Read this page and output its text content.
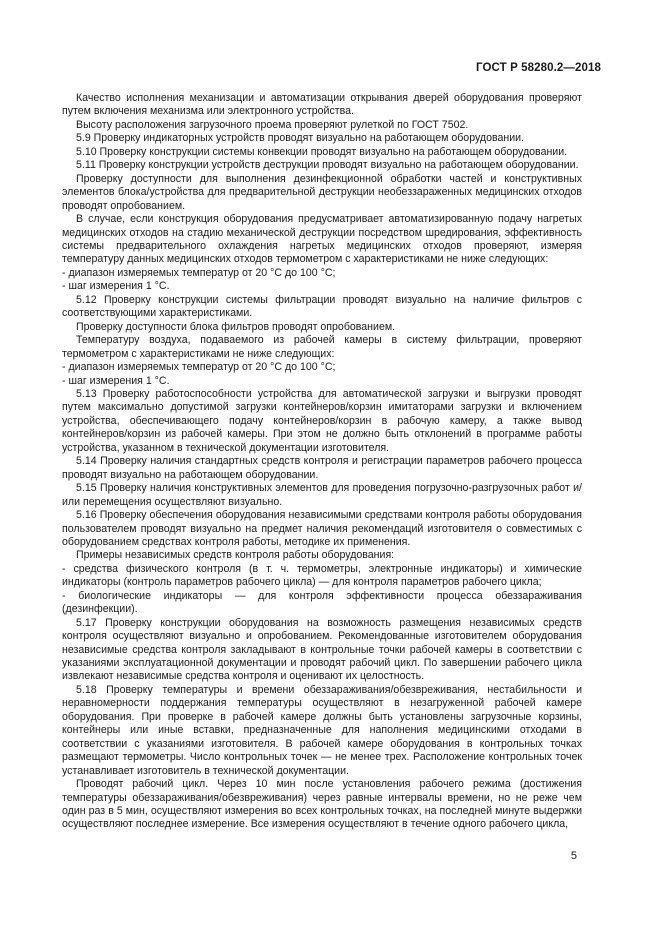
ГОСТ Р 58280.2—2018

Качество исполнения механизации и автоматизации открывания дверей оборудования проверяют путем включения механизма или электронного устройства.

Высоту расположения загрузочного проема проверяют рулеткой по ГОСТ 7502.

5.9 Проверку индикаторных устройств проводят визуально на работающем оборудовании.

5.10 Проверку конструкции системы конвекции проводят визуально на работающем оборудовании.

5.11 Проверку конструкции устройств деструкции проводят визуально на работающем оборудовании.

Проверку доступности для выполнения дезинфекционной обработки частей и конструктивных элементов блока/устройства для предварительной деструкции необеззараженных медицинских отходов проводят опробованием.

В случае, если конструкция оборудования предусматривает автоматизированную подачу нагретых медицинских отходов на стадию механической деструкции посредством шредирования, эффективность системы предварительного охлаждения нагретых медицинских отходов проверяют, измеряя температуру данных медицинских отходов термометром с характеристиками не ниже следующих:

- диапазон измеряемых температур от 20 °С до 100 °С;

- шаг измерения 1 °С.

5.12 Проверку конструкции системы фильтрации проводят визуально на наличие фильтров с соответствующими характеристиками.

Проверку доступности блока фильтров проводят опробованием.

Температуру воздуха, подаваемого из рабочей камеры в систему фильтрации, проверяют термометром с характеристиками не ниже следующих:

- диапазон измеряемых температур от 20 °С до 100 °С;

- шаг измерения 1 °С.

5.13 Проверку работоспособности устройства для автоматической загрузки и выгрузки проводят путем максимально допустимой загрузки контейнеров/корзин имитаторами загрузки и включением устройства, обеспечивающего подачу контейнеров/корзин в рабочую камеру, а также вывод контейнеров/корзин из рабочей камеры. При этом не должно быть отклонений в программе работы устройства, указанном в технической документации изготовителя.

5.14 Проверку наличия стандартных средств контроля и регистрации параметров рабочего процесса проводят визуально на работающем оборудовании.

5.15 Проверку наличия конструктивных элементов для проведения погрузочно-разгрузочных работ и/или перемещения осуществляют визуально.

5.16 Проверку обеспечения оборудования независимыми средствами контроля работы оборудования пользователем проводят визуально на предмет наличия рекомендаций изготовителя о совместимых с оборудованием средствах контроля работы, методике их применения.

Примеры независимых средств контроля работы оборудования:

- средства физического контроля (в т. ч. термометры, электронные индикаторы) и химические индикаторы (контроль параметров рабочего цикла) — для контроля параметров рабочего цикла;

- биологические индикаторы — для контроля эффективности процесса обеззараживания (дезинфекции).

5.17 Проверку конструкции оборудования на возможность размещения независимых средств контроля осуществляют визуально и опробованием. Рекомендованные изготовителем оборудования независимые средства контроля закладывают в контрольные точки рабочей камеры в соответствии с указаниями эксплуатационной документации и проводят рабочий цикл. По завершении рабочего цикла извлекают независимые средства контроля и оценивают их целостность.

5.18 Проверку температуры и времени обеззараживания/обезвреживания, нестабильности и неравномерности поддержания температуры осуществляют в незагруженной рабочей камере оборудования. При проверке в рабочей камере должны быть установлены загрузочные корзины, контейнеры или иные вставки, предназначенные для наполнения медицинскими отходами в соответствии с указаниями изготовителя. В рабочей камере оборудования в контрольных точках размещают термометры. Число контрольных точек — не менее трех. Расположение контрольных точек устанавливает изготовитель в технической документации.

Проводят рабочий цикл. Через 10 мин после установления рабочего режима (достижения температуры обеззараживания/обезвреживания) через равные интервалы времени, но не реже чем один раз в 5 мин, осуществляют измерения во всех контрольных точках, на последней минуте выдержки осуществляют последнее измерение. Все измерения осуществляют в течение одного рабочего цикла,

5
